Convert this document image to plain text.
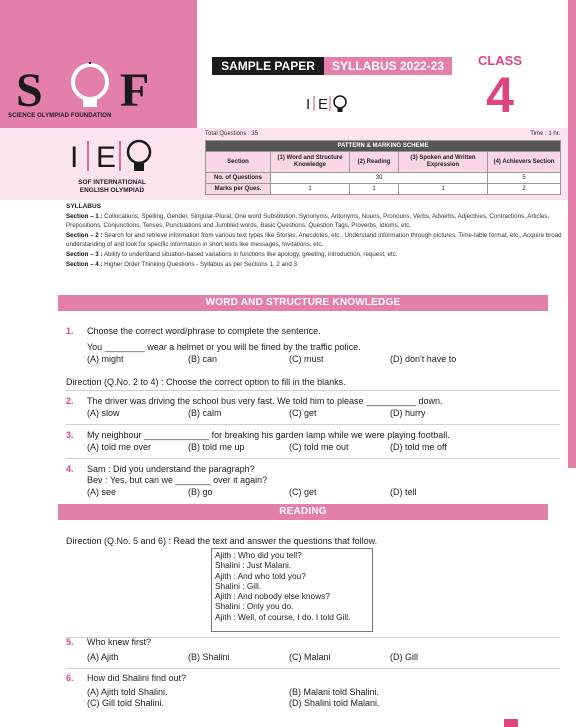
S F
SCIENCE OLYMPIAD FOUNDATION
SAMPLE PAPER	SYLLABUS 2022-23
I E
CLASS
4
I E
SOF INTERNATIONAL
ENGLISH OLYMPIAD
Total Questions : 35	Time : 1 hr.
PATTERN & MARKING SCHEME				
Section	(1) Word and Structure Knowledge	(2) Reading	(3) Spoken and Written Expression	(4) Achievers Section
No. of Questions	30			5
Marks per Ques.	1	1	1	2
SYLLABUS
Section – 1 : Collocations, Spelling, Gender, Singular-Plural, One word Substitution, Synonyms, Antonyms, Nouns, Pronouns, Verbs, Adverbs, Adjectives, Contractions, Articles, Prepositions, Conjunctions, Tenses, Punctuations and Jumbled words, Basic Questions, Question Tags, Proverbs, Idioms, etc.
Section – 2 : Search for and retrieve information from various text types like Stories, Anecdotes, etc., Understand information through pictures, Time-table format, etc., Acquire broad understanding of and look for specific information in short texts like messages, Invitations, etc.
Section – 3 : Ability to understand situation-based variations in functions like apology, greeting, introduction, request, etc.
Section – 4 : Higher Order Thinking Questions - Syllabus as per Sections 1, 2 and 3.
WORD AND STRUCTURE KNOWLEDGE
1. Choose the correct word/phrase to complete the sentence.
You ________ wear a helmet or you will be fined by the traffic police.
(A) might	(B) can	(C) must	(D) don't have to
Direction (Q.No. 2 to 4) : Choose the correct option to fill in the blanks.
2. The driver was driving the school bus very fast. We told him to please __________ down.
(A) slow	(B) calm	(C) get	(D) hurry
3. My neighbour _____________ for breaking his garden lamp while we were playing football.
(A) told me over	(B) told me up	(C) told me out	(D) told me off
4. Sam : Did you understand the paragraph?
Bev : Yes, but can we _______ over it again?
(A) see	(B) go	(C) get	(D) tell
READING
Direction (Q.No. 5 and 6) : Read the text and answer the questions that follow.
Ajith : Who did you tell?
Shalini : Just Malani.
Ajith : And who told you?
Shalini : Gill.
Ajith : And nobody else knows?
Shalini : Only you do.
Ajith : Well, of course, I do. I told Gill.
5. Who knew first?
(A) Ajith	(B) Shalini	(C) Malani	(D) Gill
6. How did Shalini find out?
(A) Ajith told Shalini.	(B) Malani told Shalini.
(C) Gill told Shalini.	(D) Shalini told Malani.
